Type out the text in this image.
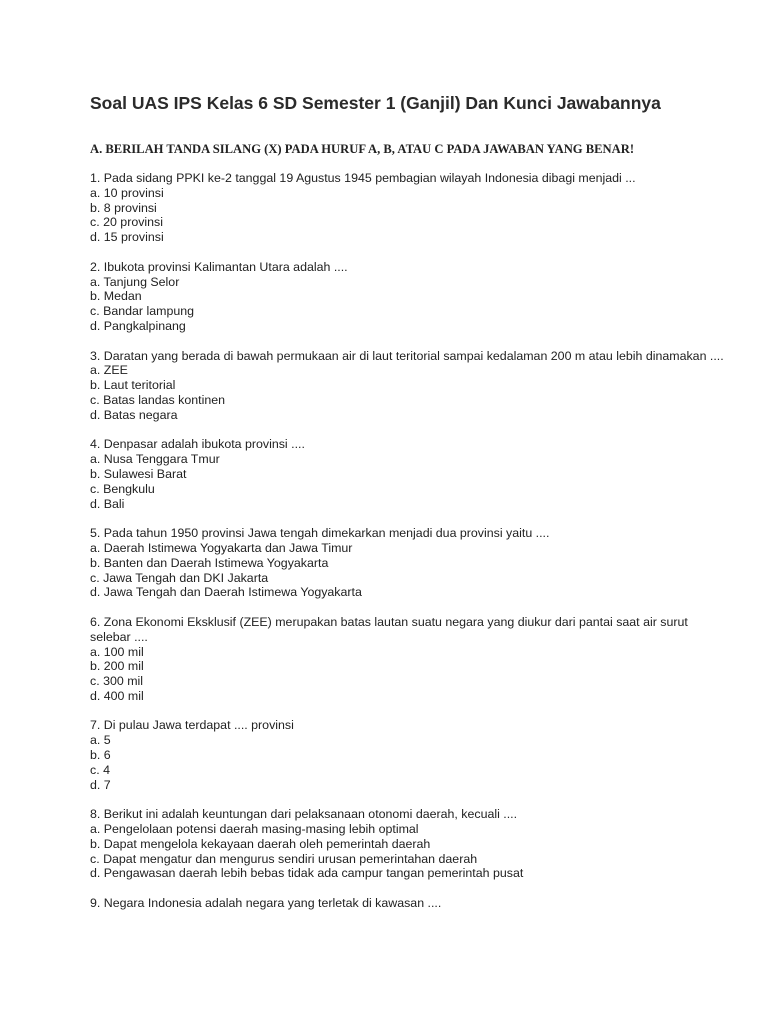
Soal UAS IPS Kelas 6 SD Semester 1 (Ganjil) Dan Kunci Jawabannya
A. BERILAH TANDA SILANG (X) PADA HURUF A, B, ATAU C PADA JAWABAN YANG BENAR!
1. Pada sidang PPKI ke-2 tanggal 19 Agustus 1945 pembagian wilayah Indonesia dibagi menjadi ...
a. 10 provinsi
b. 8 provinsi
c. 20 provinsi
d. 15 provinsi
2. Ibukota provinsi Kalimantan Utara adalah ....
a. Tanjung Selor
b. Medan
c. Bandar lampung
d. Pangkalpinang
3. Daratan yang berada di bawah permukaan air di laut teritorial sampai kedalaman 200 m atau lebih dinamakan ....
a. ZEE
b. Laut teritorial
c. Batas landas kontinen
d. Batas negara
4. Denpasar adalah ibukota provinsi ....
a. Nusa Tenggara Tmur
b. Sulawesi Barat
c. Bengkulu
d. Bali
5. Pada tahun 1950 provinsi Jawa tengah dimekarkan menjadi dua provinsi yaitu ....
a. Daerah Istimewa Yogyakarta dan Jawa Timur
b. Banten dan Daerah Istimewa Yogyakarta
c. Jawa Tengah dan DKI Jakarta
d. Jawa Tengah dan Daerah Istimewa Yogyakarta
6. Zona Ekonomi Eksklusif (ZEE) merupakan batas lautan suatu negara yang diukur dari pantai saat air surut selebar ....
a. 100 mil
b. 200 mil
c. 300 mil
d. 400 mil
7. Di pulau Jawa terdapat .... provinsi
a. 5
b. 6
c. 4
d. 7
8. Berikut ini adalah keuntungan dari pelaksanaan otonomi daerah, kecuali ....
a. Pengelolaan potensi daerah masing-masing lebih optimal
b. Dapat mengelola kekayaan daerah oleh pemerintah daerah
c. Dapat mengatur dan mengurus sendiri urusan pemerintahan daerah
d. Pengawasan daerah lebih bebas tidak ada campur tangan pemerintah pusat
9. Negara Indonesia adalah negara yang terletak di kawasan ....
